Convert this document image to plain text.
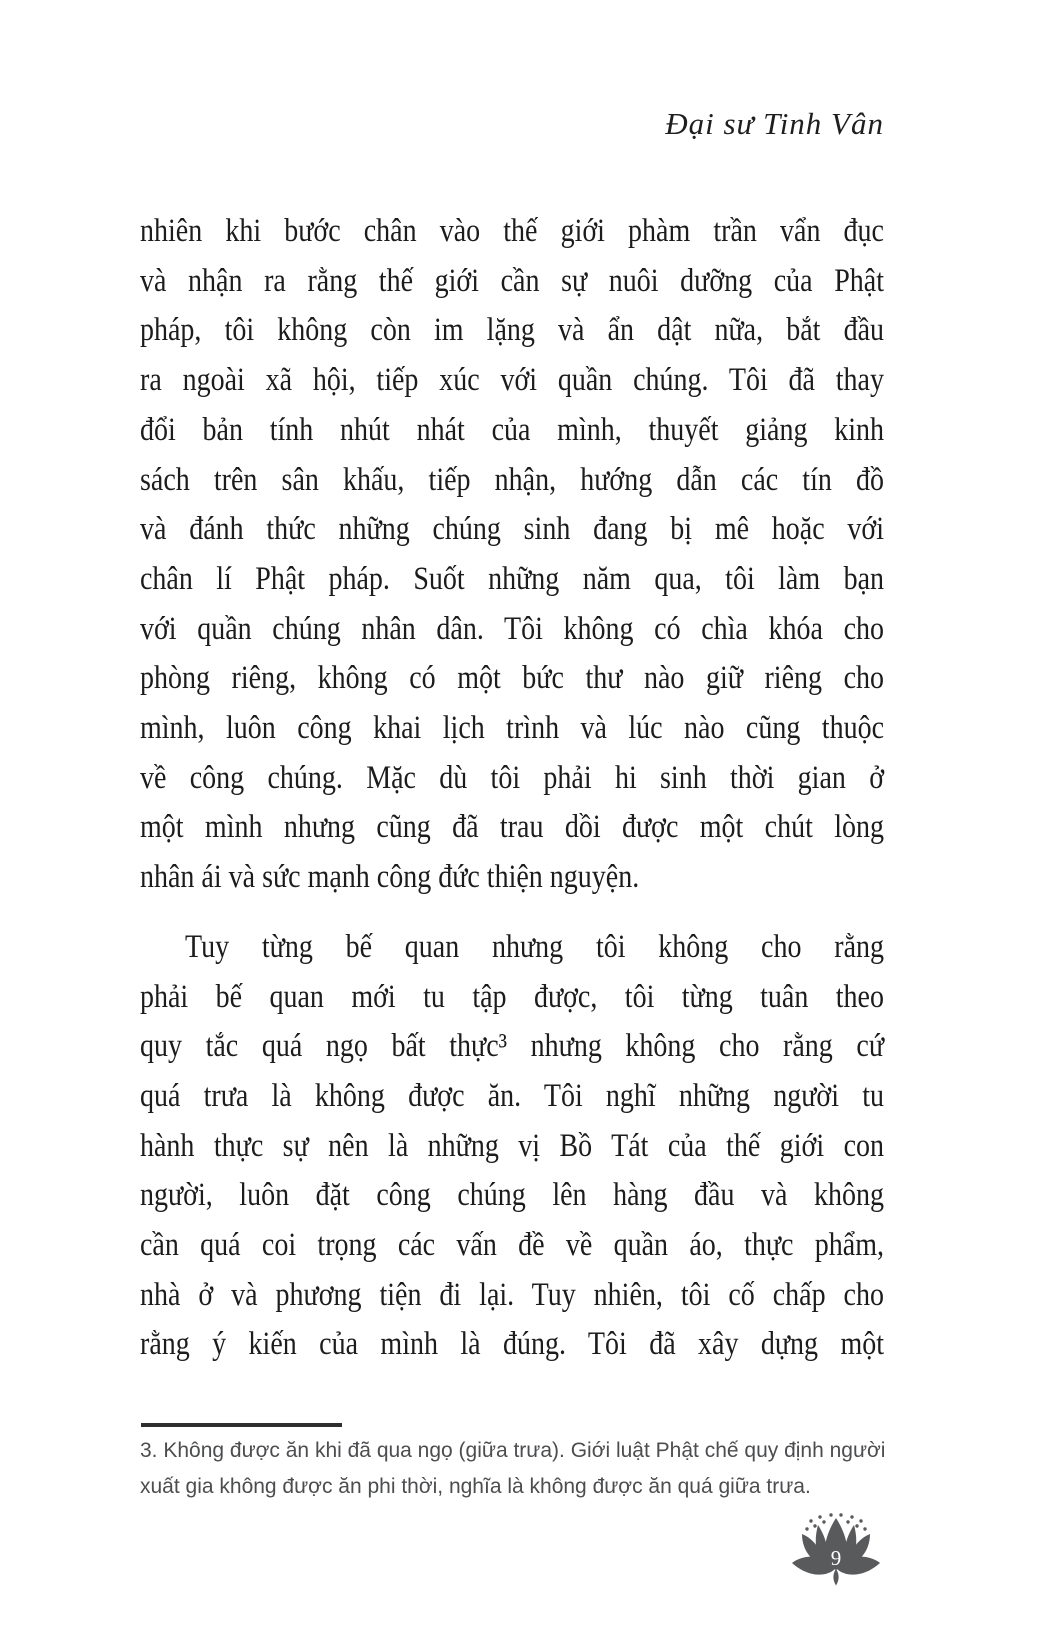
Đại sư Tinh Vân
nhiên khi bước chân vào thế giới phàm trần vẩn đục
và nhận ra rằng thế giới cần sự nuôi dưỡng của Phật
pháp, tôi không còn im lặng và ẩn dật nữa, bắt đầu
ra ngoài xã hội, tiếp xúc với quần chúng. Tôi đã thay
đổi bản tính nhút nhát của mình, thuyết giảng kinh
sách trên sân khấu, tiếp nhận, hướng dẫn các tín đồ
và đánh thức những chúng sinh đang bị mê hoặc với
chân lí Phật pháp. Suốt những năm qua, tôi làm bạn
với quần chúng nhân dân. Tôi không có chìa khóa cho
phòng riêng, không có một bức thư nào giữ riêng cho
mình, luôn công khai lịch trình và lúc nào cũng thuộc
về công chúng. Mặc dù tôi phải hi sinh thời gian ở
một mình nhưng cũng đã trau dồi được một chút lòng
nhân ái và sức mạnh công đức thiện nguyện.
Tuy từng bế quan nhưng tôi không cho rằng
phải bế quan mới tu tập được, tôi từng tuân theo
quy tắc quá ngọ bất thực³ nhưng không cho rằng cứ
quá trưa là không được ăn. Tôi nghĩ những người tu
hành thực sự nên là những vị Bồ Tát của thế giới con
người, luôn đặt công chúng lên hàng đầu và không
cần quá coi trọng các vấn đề về quần áo, thực phẩm,
nhà ở và phương tiện đi lại. Tuy nhiên, tôi cố chấp cho
rằng ý kiến của mình là đúng. Tôi đã xây dựng một
3. Không được ăn khi đã qua ngọ (giữa trưa). Giới luật Phật chế quy định người
xuất gia không được ăn phi thời, nghĩa là không được ăn quá giữa trưa.
9
